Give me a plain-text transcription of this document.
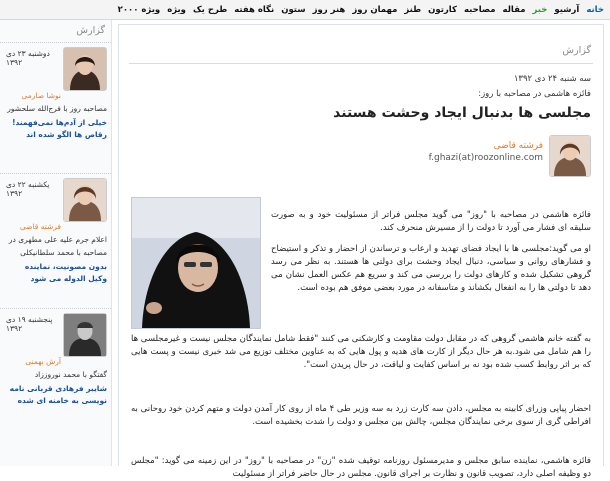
خانه
آرشیو
خبر
مقاله
مصاحبه
کارتون
طنز
مهمان روز
هنر روز
ستون
نگاه هفته
طرح یک
ویژه
ویژه ۲۰۰۰
گزارش
دوشنبه ۲۳ دی ۱۳۹۲
نوشا صارمی
مصاحبه روز با فرج‌الله سلحشور
خیلی از آدم‌ها نمی‌فهمند! رقاص ها الگو شده اند
یکشنبه ۲۲ دی ۱۳۹۲
فرشته قاضی
اعلام جرم علیه علی مطهری در مصاحبه با محمد سلطانیکلی
بدون مصونیت، نماینده وکیل الدوله می شود
پنجشنبه ۱۹ دی ۱۳۹۲
آرش بهمنی
گفتگو با محمد نوروززاد
شایبر فرهادی قربانی نامه نویسی به خامنه ای شده
گزارش
سه شنبه ۲۴ دی ۱۳۹۲
فائزه هاشمی در مصاحبه با روز:
مجلسی ها بدنبال ایجاد وحشت هستند
فرشته قاضی
f.ghazi(at)roozonline.com
فائزه هاشمی در مصاحبه با "روز" می گوید مجلس فراتر از مسئولیت خود و به صورت سلیقه ای فشار می آورد تا دولت را از مسیرش منحرف کند.
او می گوید:مجلسی ها با ایجاد فضای تهدید و ارعاب و ترساندن از احضار و تذکر و استیضاح و فشارهای روانی و سیاسی، دنبال ایجاد وحشت برای دولتی ها هستند. به نظر می رسد گروهی تشکیل شده و کارهای دولت را بررسی می کند و سریع هم عکس العمل نشان می دهد تا دولتی ها را به انفعال بکشاند و متاسفانه در مورد بعضی موفق هم بوده است.
به گفته خانم هاشمی گروهی که در مقابل دولت مقاومت و کارشکنی می کنند "فقط شامل نمایندگان مجلس نیست و غیرمجلسی ها را هم شامل می شود.به هر حال دیگر از کارت های هدیه و پول هایی که به عناوین مختلف توزیع می شد خبری نیست و پست هایی که بر اثر روابط کسب شده بود نه بر اساس کفایت و لیاقت، در حال پریدن است".
احضار پیاپی وزرای کابینه به مجلس، دادن سه کارت زرد به سه وزیر طی ۴ ماه از روی کار آمدن دولت و متهم کردن خود روحانی به افراطی گری از سوی برخی نمایندگان مجلس، چالش بین مجلس و دولت را شدت بخشیده است.
فائزه هاشمی، نماینده سابق مجلس و مدیرمسئول روزنامه توقیف شده "زن" در مصاحبه با "روز" در این زمینه می گوید: "مجلس دو وظیفه اصلی دارد، تصویب قانون و نظارت بر اجرای قانون. مجلس در حال حاضر فراتر از مسئولیت
